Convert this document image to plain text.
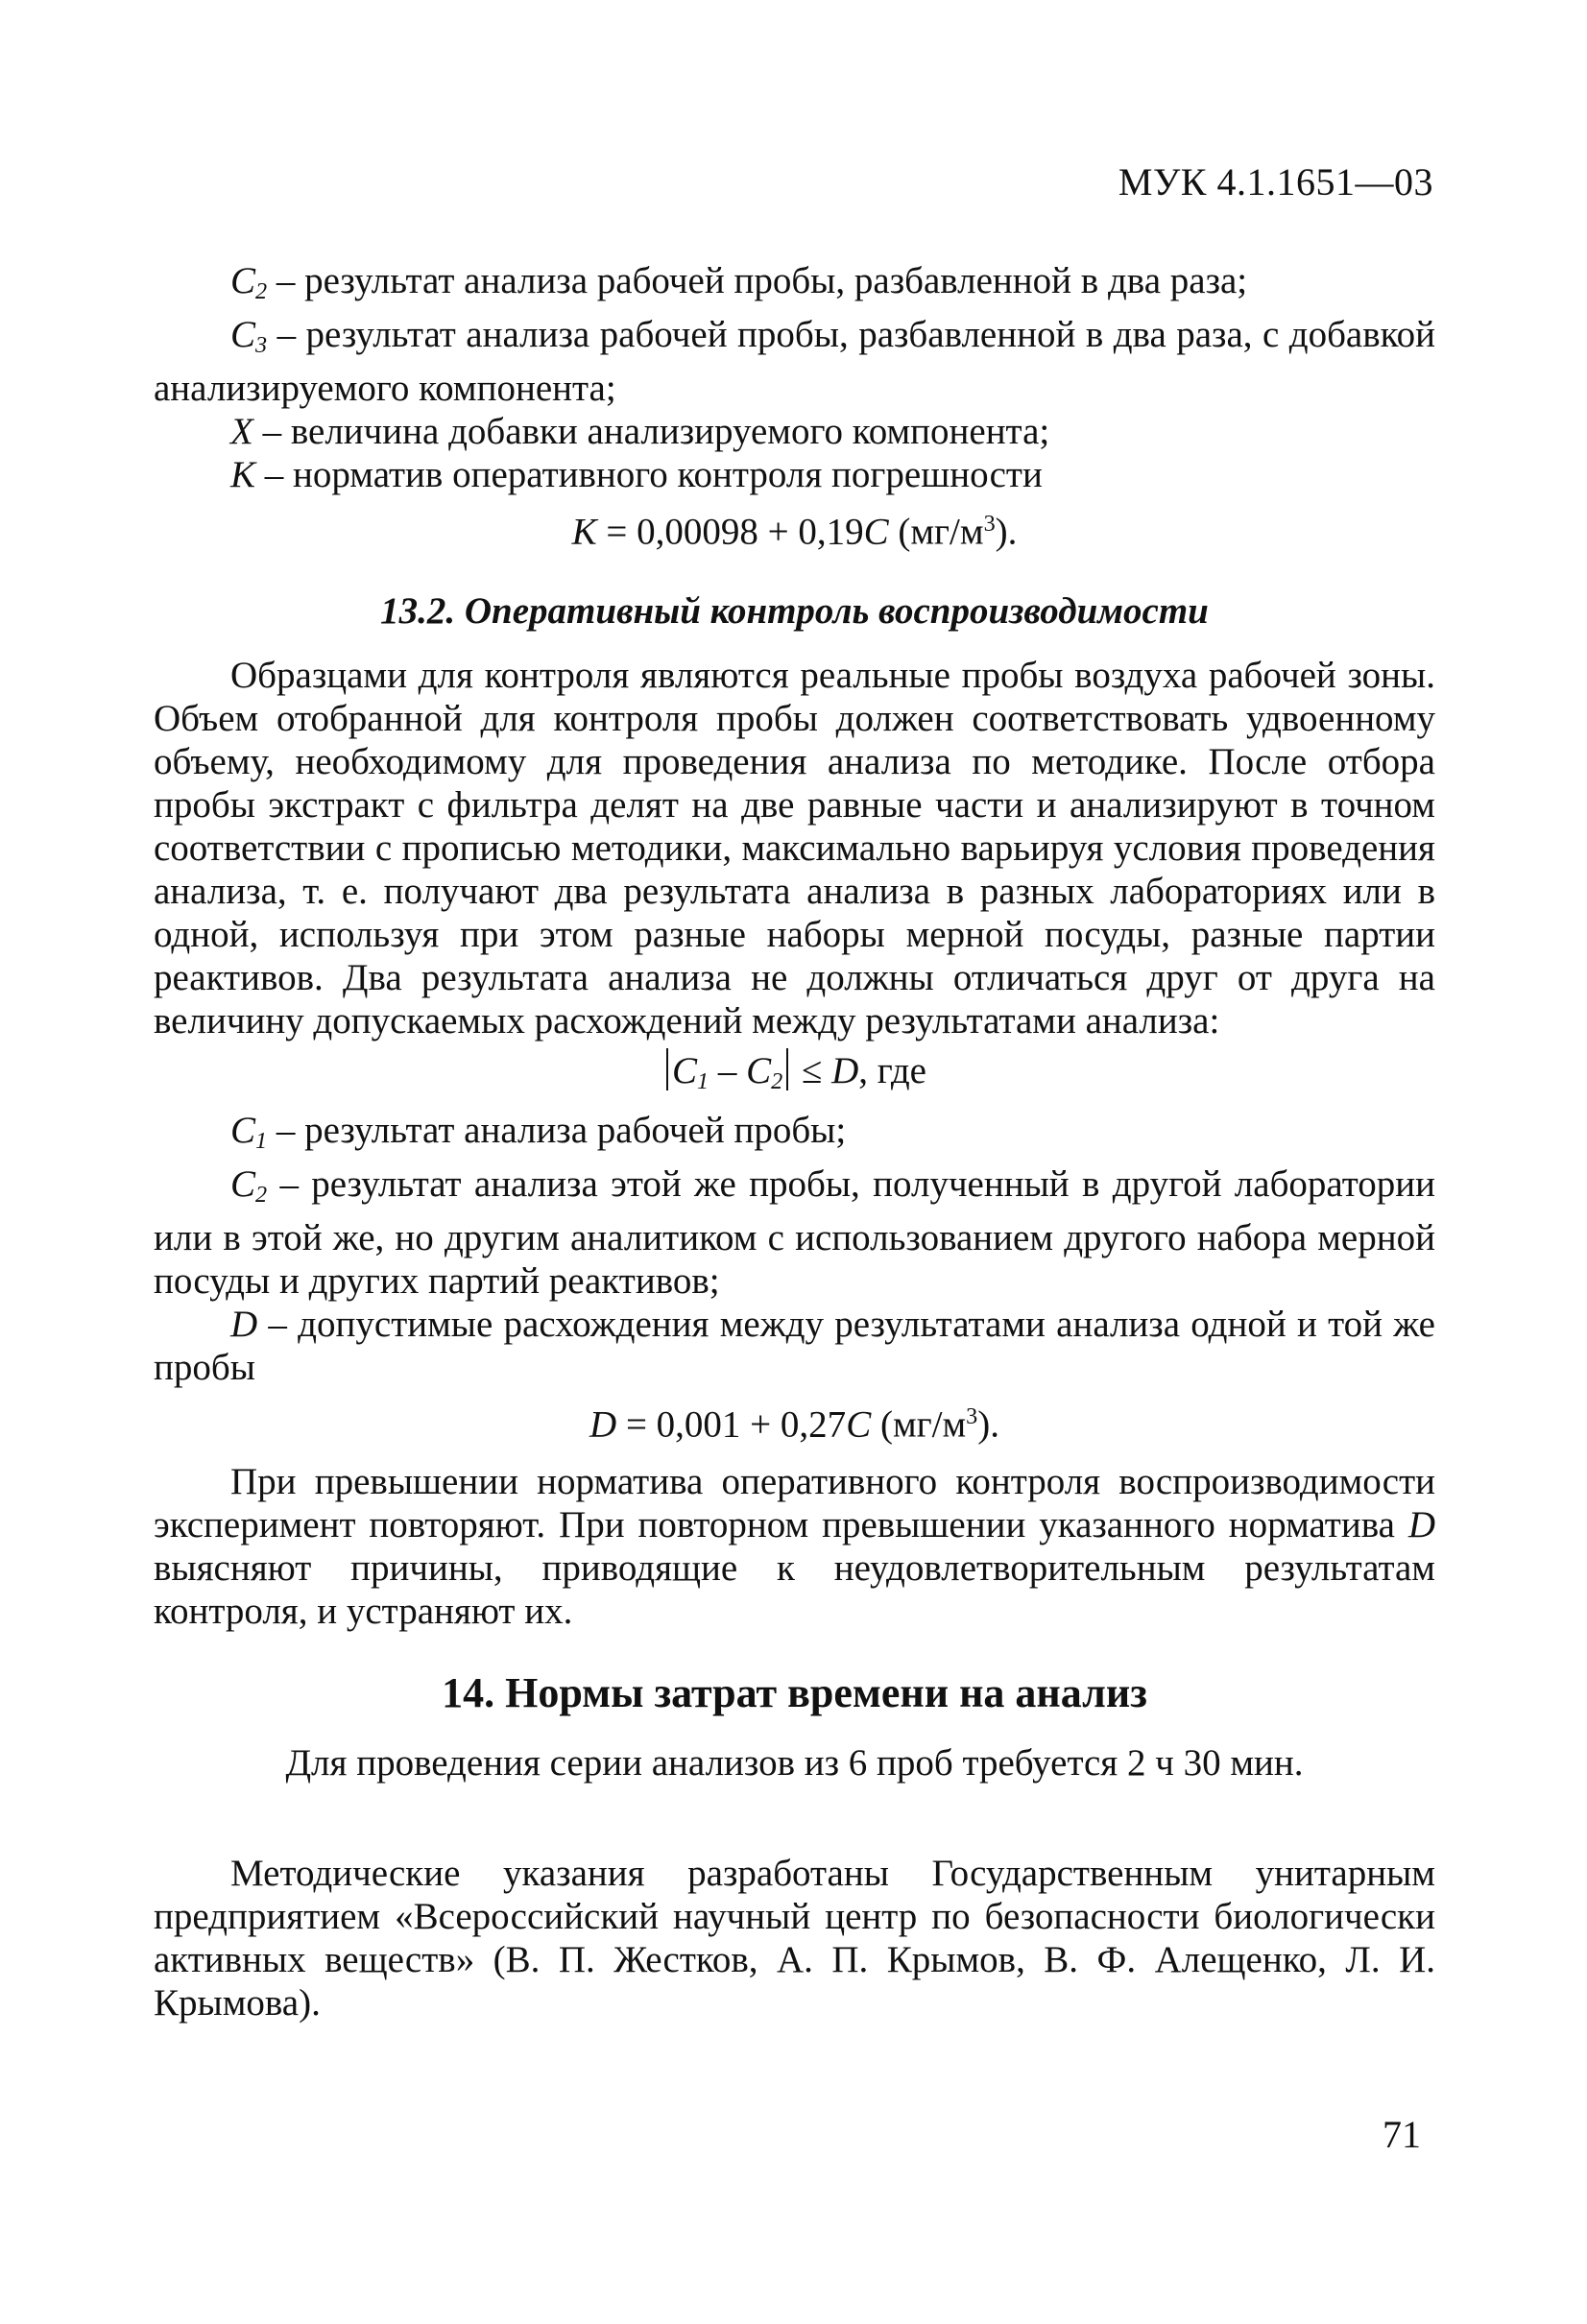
МУК 4.1.1651—03

$C_2$ – результат анализа рабочей пробы, разбавленной в два раза;

$C_3$ – результат анализа рабочей пробы, разбавленной в два раза, с добавкой анализируемого компонента;

X – величина добавки анализируемого компонента;

K – норматив оперативного контроля погрешности

K = 0,00098 + 0,19C $(мг/м^3)$.
13.2. Оперативный контроль воспроизводимости

Образцами для контроля являются реальные пробы воздуха рабочей зоны. Объем отобранной для контроля пробы должен соответствовать удвоенному объему, необходимому для проведения анализа по методике. После отбора пробы экстракт с фильтра делят на две равные части и анализируют в точном соответствии с прописью методики, максимально варьируя условия проведения анализа, т. е. получают два результата анализа в разных лабораториях или в одной, используя при этом разные наборы мерной посуды, разные партии реактивов. Два результата анализа не должны отличаться друг от друга на величину допускаемых расхождений между результатами анализа:

$C_1 - C_2 \le D$, где

$C_1$ – результат анализа рабочей пробы;

$C_2$ – результат анализа этой же пробы, полученный в другой лаборатории или в этой же, но другим аналитиком с использованием другого набора мерной посуды и других партий реактивов;

D – допустимые расхождения между результатами анализа одной и той же пробы

D = 0,001 + 0,27C $(мг/м^3)$.

При превышении норматива оперативного контроля воспроизводимости эксперимент повторяют. При повторном превышении указанного норматива D выясняют причины, приводящие к неудовлетворительным результатам контроля, и устраняют их.

14. Нормы затрат времени на анализ

Для проведения серии анализов из 6 проб требуется 2 ч 30 мин.

Методические указания разработаны Государственным унитарным предприятием «Всероссийский научный центр по безопасности биологически активных веществ» (В. П. Жестков, А. П. Крымов, В. Ф. Алещенко, Л. И. Крымова).

71
